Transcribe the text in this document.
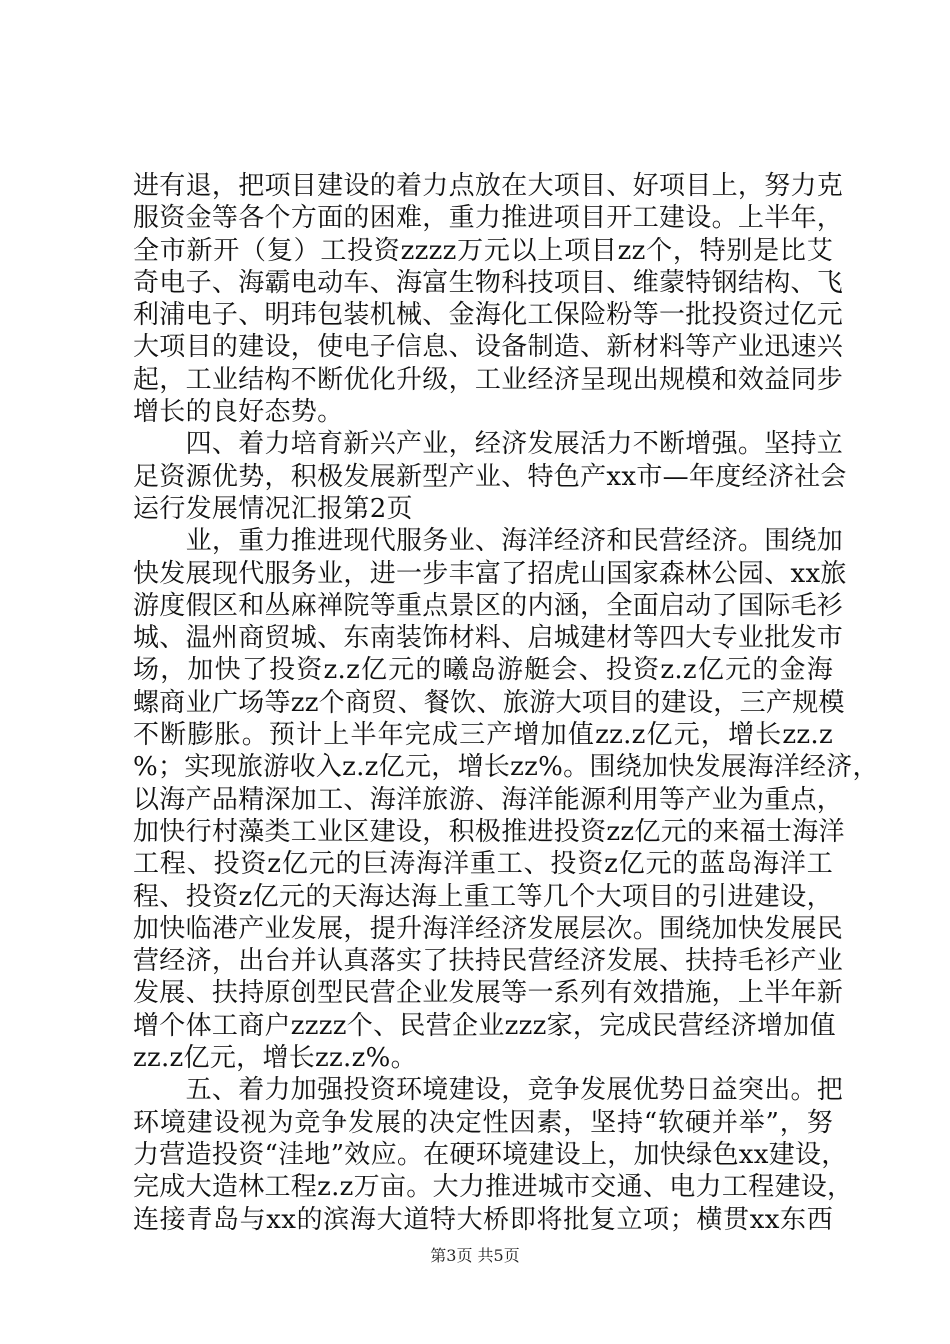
进有退，把项目建设的着力点放在大项目、好项目上，努力克
服资金等各个方面的困难，重力推进项目开工建设。上半年，
全市新开（复）工投资zzzz万元以上项目zz个，特别是比艾
奇电子、海霸电动车、海富生物科技项目、维蒙特钢结构、飞
利浦电子、明玮包装机械、金海化工保险粉等一批投资过亿元
大项目的建设，使电子信息、设备制造、新材料等产业迅速兴
起，工业结构不断优化升级，工业经济呈现出规模和效益同步
增长的良好态势。
　　四、着力培育新兴产业，经济发展活力不断增强。坚持立
足资源优势，积极发展新型产业、特色产xx市—年度经济社会
运行发展情况汇报第2页
　　业，重力推进现代服务业、海洋经济和民营经济。围绕加
快发展现代服务业，进一步丰富了招虎山国家森林公园、xx旅
游度假区和丛麻禅院等重点景区的内涵，全面启动了国际毛衫
城、温州商贸城、东南装饰材料、启城建材等四大专业批发市
场，加快了投资z.z亿元的曦岛游艇会、投资z.z亿元的金海
螺商业广场等zz个商贸、餐饮、旅游大项目的建设，三产规模
不断膨胀。预计上半年完成三产增加值zz.z亿元，增长zz.z
%；实现旅游收入z.z亿元，增长zz%。围绕加快发展海洋经济，
以海产品精深加工、海洋旅游、海洋能源利用等产业为重点，
加快行村藻类工业区建设，积极推进投资zz亿元的来福士海洋
工程、投资z亿元的巨涛海洋重工、投资z亿元的蓝岛海洋工
程、投资z亿元的天海达海上重工等几个大项目的引进建设，
加快临港产业发展，提升海洋经济发展层次。围绕加快发展民
营经济，出台并认真落实了扶持民营经济发展、扶持毛衫产业
发展、扶持原创型民营企业发展等一系列有效措施，上半年新
增个体工商户zzzz个、民营企业zzz家，完成民营经济增加值
zz.z亿元，增长zz.z%。
　　五、着力加强投资环境建设，竞争发展优势日益突出。把
环境建设视为竞争发展的决定性因素，坚持“软硬并举”，努
力营造投资“洼地”效应。在硬环境建设上，加快绿色xx建设，
完成大造林工程z.z万亩。大力推进城市交通、电力工程建设，
连接青岛与xx的滨海大道特大桥即将批复立项；横贯xx东西
第3页 共5页
